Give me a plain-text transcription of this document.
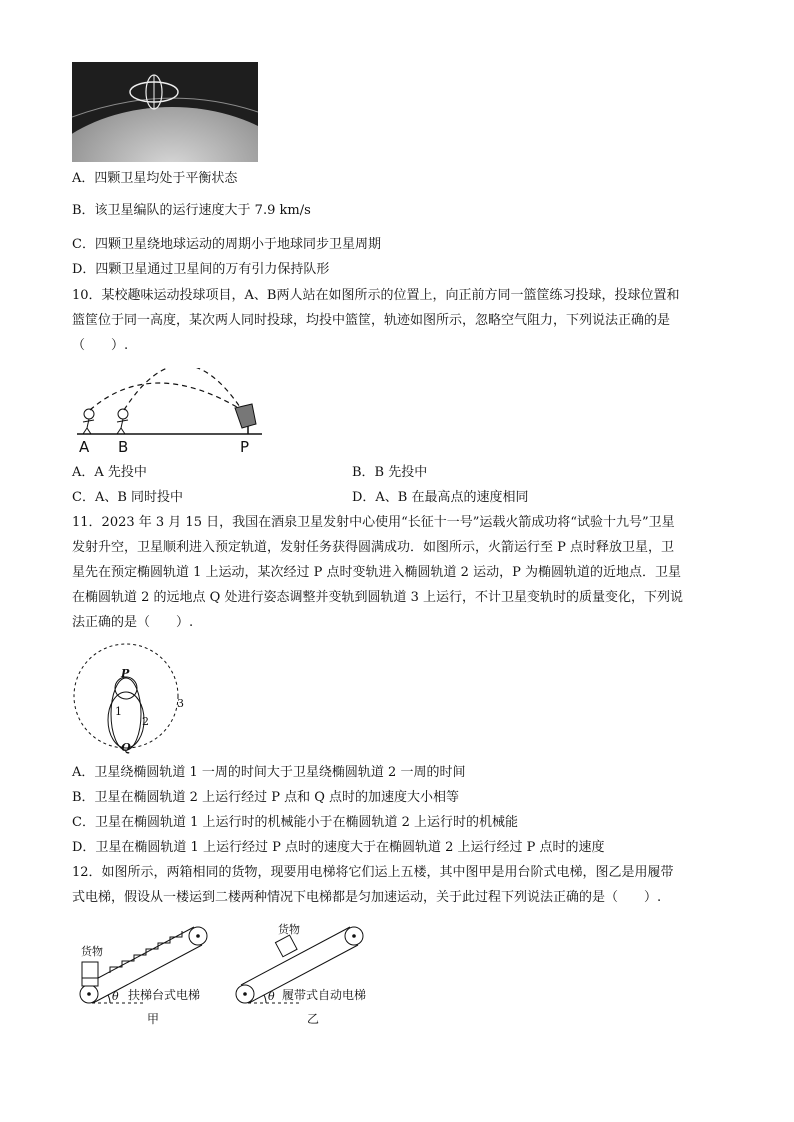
A．四颗卫星均处于平衡状态
B．该卫星编队的运行速度大于 7.9 km/s
C．四颗卫星绕地球运动的周期小于地球同步卫星周期
D．四颗卫星通过卫星间的万有引力保持队形
10．某校趣味运动投球项目，A、B两人站在如图所示的位置上，向正前方同一篮筐练习投球，投球位置和
篮筐位于同一高度，某次两人同时投球，均投中篮筐，轨迹如图所示，忽略空气阻力，下列说法正确的是
（　　）.
A B	P
A．A 先投中	B．B 先投中
C．A、B 同时投中	D．A、B 在最高点的速度相同
11．2023 年 3 月 15 日，我国在酒泉卫星发射中心使用“长征十一号”运载火箭成功将“试验十九号”卫星
发射升空，卫星顺利进入预定轨道，发射任务获得圆满成功．如图所示，火箭运行至 P 点时释放卫星，卫
星先在预定椭圆轨道 1 上运动，某次经过 P 点时变轨进入椭圆轨道 2 运动，P 为椭圆轨道的近地点．卫星
在椭圆轨道 2 的远地点 Q 处进行姿态调整并变轨到圆轨道 3 上运行，不计卫星变轨时的质量变化，下列说
法正确的是（　　）.
P
Q
1
2
3
A．卫星绕椭圆轨道 1 一周的时间大于卫星绕椭圆轨道 2 一周的时间
B．卫星在椭圆轨道 2 上运行经过 P 点和 Q 点时的加速度大小相等
C．卫星在椭圆轨道 1 上运行时的机械能小于在椭圆轨道 2 上运行时的机械能
D．卫星在椭圆轨道 1 上运行经过 P 点时的速度大于在椭圆轨道 2 上运行经过 P 点时的速度
12．如图所示，两箱相同的货物，现要用电梯将它们运上五楼，其中图甲是用台阶式电梯，图乙是用履带
式电梯，假设从一楼运到二楼两种情况下电梯都是匀加速运动，关于此过程下列说法正确的是（　　）.
货物
货物
θ	θ
扶梯台式电梯	履带式自动电梯
甲	乙
